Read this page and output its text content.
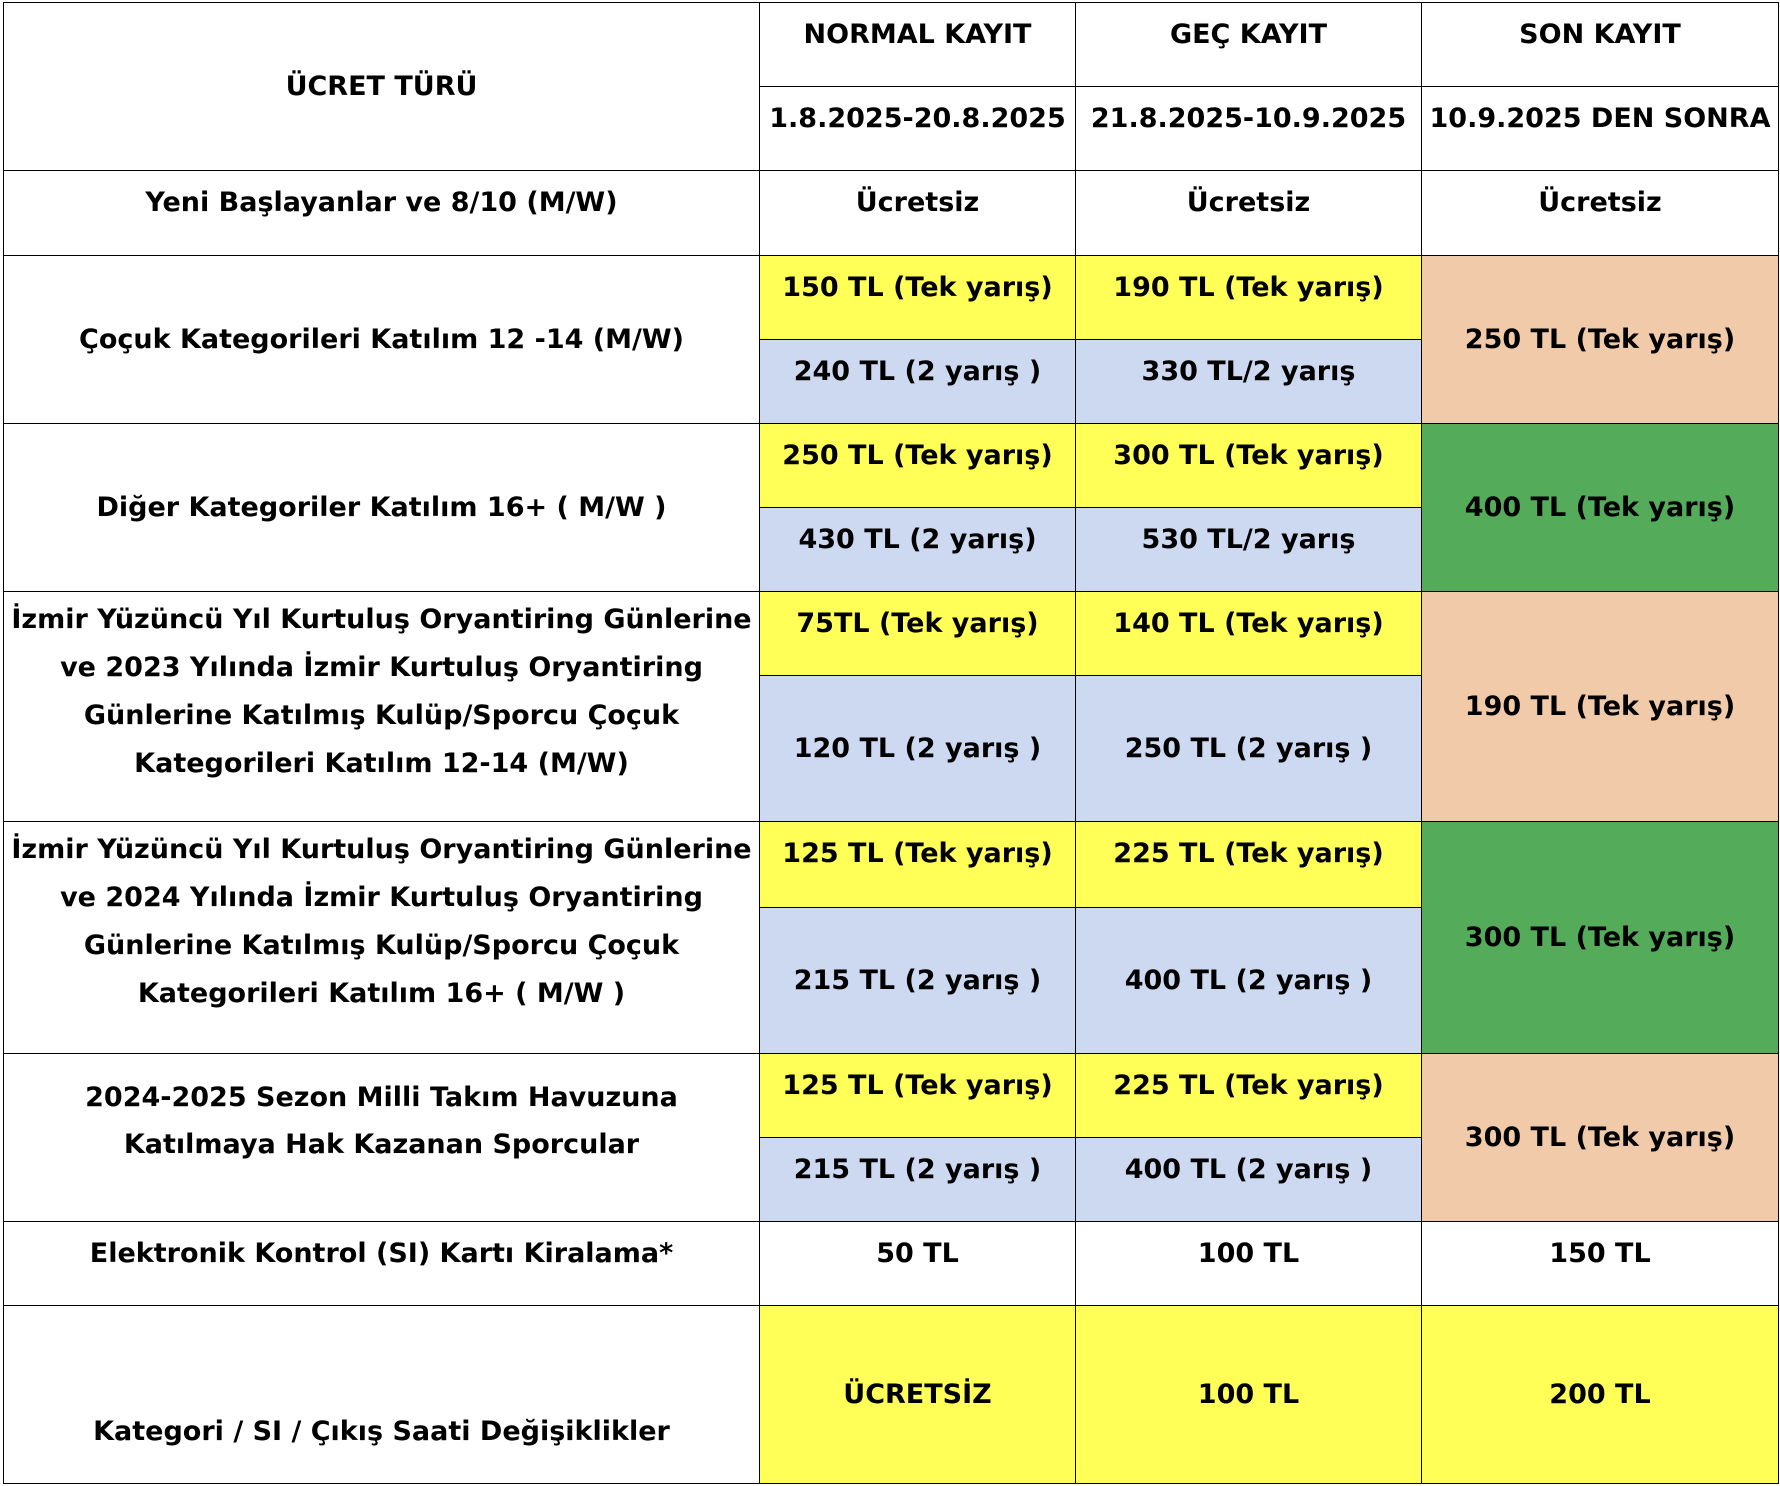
ÜCRET TÜRÜ	NORMAL KAYIT	GEÇ KAYIT	SON KAYIT
	1.8.2025-20.8.2025	21.8.2025-10.9.2025	10.9.2025 DEN SONRA
Yeni Başlayanlar ve 8/10 (M/W)	Ücretsiz	Ücretsiz	Ücretsiz
Çoçuk Kategorileri Katılım 12 -14 (M/W)	150 TL (Tek yarış)	190 TL (Tek yarış)	250 TL (Tek yarış)
	240 TL (2 yarış )	330 TL/2 yarış	
Diğer Kategoriler Katılım 16+ ( M/W )	250 TL (Tek yarış)	300 TL (Tek yarış)	400 TL (Tek yarış)
	430 TL (2 yarış)	530 TL/2 yarış	
İzmir Yüzüncü Yıl Kurtuluş Oryantiring Günlerine ve 2023 Yılında İzmir Kurtuluş Oryantiring Günlerine Katılmış Kulüp/Sporcu Çoçuk Kategorileri Katılım 12-14 (M/W)	75TL (Tek yarış)	140 TL (Tek yarış)	190 TL (Tek yarış)
	120 TL (2 yarış )	250 TL (2 yarış )	
İzmir Yüzüncü Yıl Kurtuluş Oryantiring Günlerine ve 2024 Yılında İzmir Kurtuluş Oryantiring Günlerine Katılmış Kulüp/Sporcu Çoçuk Kategorileri Katılım 16+ ( M/W )	125 TL (Tek yarış)	225 TL (Tek yarış)	300 TL (Tek yarış)
	215 TL (2 yarış )	400 TL (2 yarış )	
2024-2025 Sezon Milli Takım Havuzuna Katılmaya Hak Kazanan Sporcular	125 TL (Tek yarış)	225 TL (Tek yarış)	300 TL (Tek yarış)
	215 TL (2 yarış )	400 TL (2 yarış )	
Elektronik Kontrol (SI) Kartı Kiralama*	50 TL	100 TL	150 TL
Kategori / SI / Çıkış Saati Değişiklikler	ÜCRETSİZ	100 TL	200 TL
